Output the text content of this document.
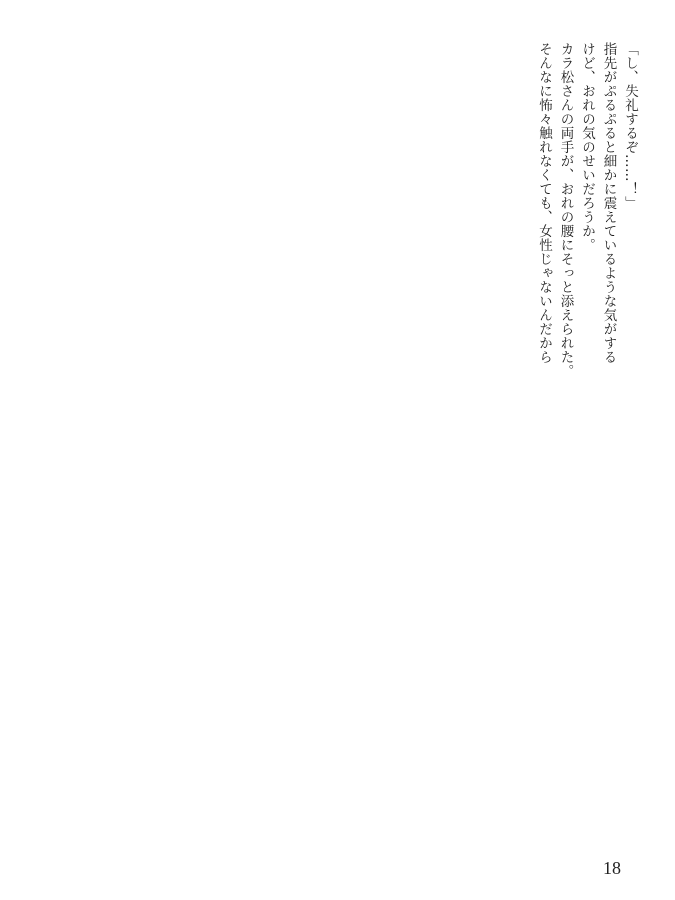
「し、失礼するぞ……！」
指先がぷるぷると細かに震えているような気がする
けど、おれの気のせいだろうか。
カラ松さんの両手が、おれの腰にそっと添えられた。
そんなに怖々触れなくても、女性じゃないんだから
18
